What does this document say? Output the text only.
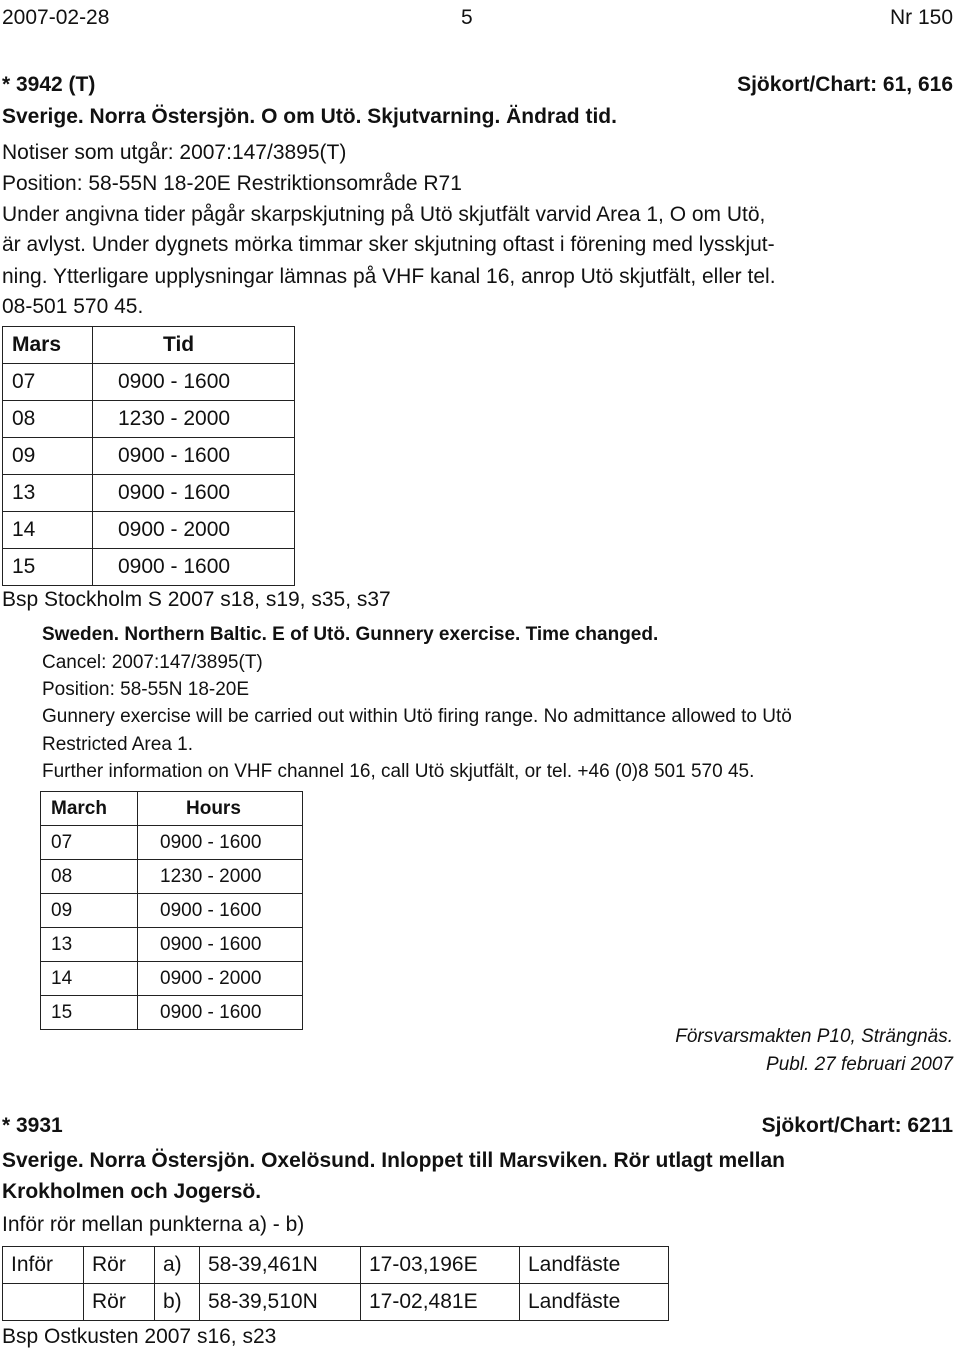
2007-02-28	5	Nr 150
* 3942 (T)	Sjökort/Chart: 61, 616
Sverige. Norra Östersjön. O om Utö. Skjutvarning. Ändrad tid.
Notiser som utgår: 2007:147/3895(T)
Position: 58-55N 18-20E Restriktionsområde R71
Under angivna tider pågår skarpskjutning på Utö skjutfält varvid Area 1, O om Utö,
är avlyst. Under dygnets mörka timmar sker skjutning oftast i förening med lysskjut-
ning. Ytterligare upplysningar lämnas på VHF kanal 16, anrop Utö skjutfält, eller tel.
08-501 570 45.
Mars	Tid
07	0900 - 1600
08	1230 - 2000
09	0900 - 1600
13	0900 - 1600
14	0900 - 2000
15	0900 - 1600
Bsp Stockholm S 2007 s18, s19, s35, s37
Sweden. Northern Baltic. E of Utö. Gunnery exercise. Time changed.
Cancel: 2007:147/3895(T)
Position: 58-55N 18-20E
Gunnery exercise will be carried out within Utö firing range. No admittance allowed to Utö
Restricted Area 1.
Further information on VHF channel 16, call Utö skjutfält, or tel. +46 (0)8 501 570 45.
March	Hours
07	0900 - 1600
08	1230 - 2000
09	0900 - 1600
13	0900 - 1600
14	0900 - 2000
15	0900 - 1600
Försvarsmakten P10, Strängnäs.
Publ. 27 februari 2007
* 3931	Sjökort/Chart: 6211
Sverige. Norra Östersjön. Oxelösund. Inloppet till Marsviken. Rör utlagt mellan
Krokholmen och Jogersö.
Inför rör mellan punkterna a) - b)
Inför	Rör	a)	58-39,461N	17-03,196E	Landfäste
	Rör	b)	58-39,510N	17-02,481E	Landfäste
Bsp Ostkusten 2007 s16, s23
